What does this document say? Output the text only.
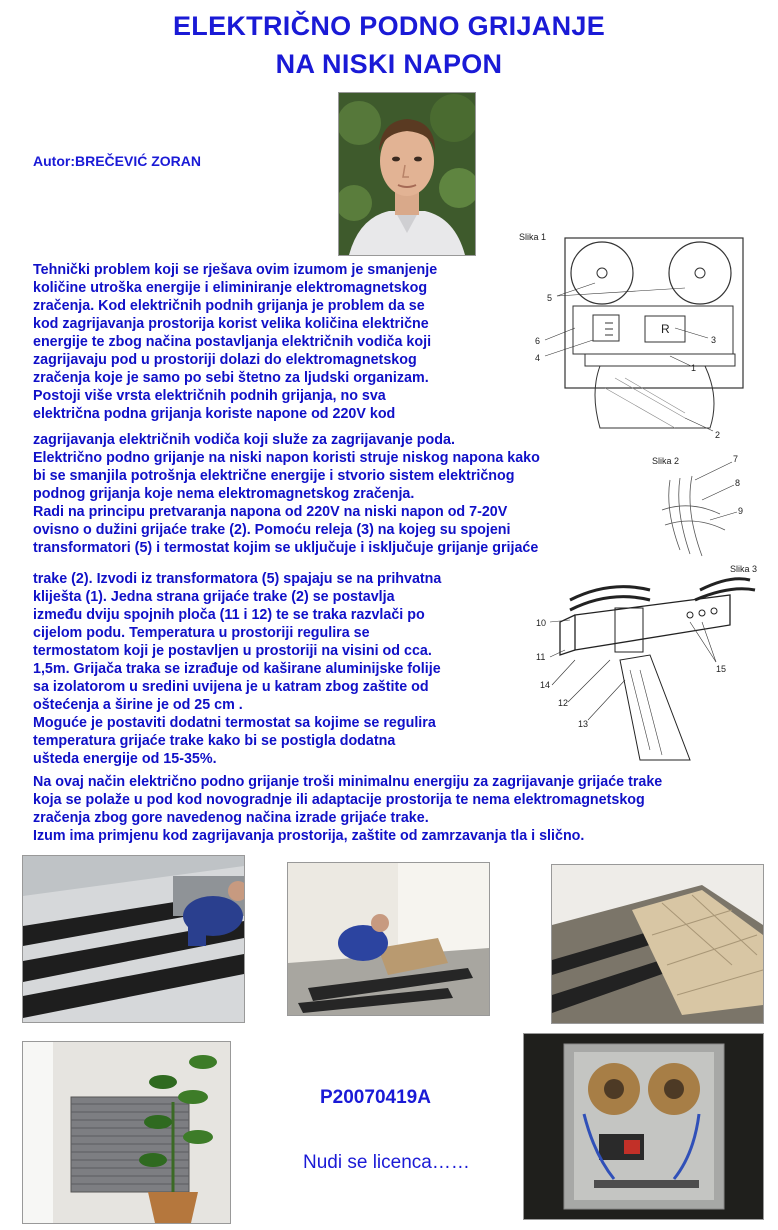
ELEKTRIČNO PODNO GRIJANJE
NA NISKI NAPON
Autor:BREČEVIĆ ZORAN
Slika 1
5
6
4
R
3
1
2
Slika 2	7
8
9
Slika 3
10
11
14
12
13
15
Tehnički problem koji se rješava ovim izumom je smanjenje
količine utroška energije i eliminiranje elektromagnetskog
zračenja. Kod električnih podnih grijanja je problem da se
kod zagrijavanja prostorija korist velika količina električne
energije te zbog načina postavljanja električnih vodiča koji
zagrijavaju pod u prostoriji dolazi do elektromagnetskog
zračenja koje je samo po sebi štetno za ljudski organizam.
Postoji više vrsta električnih podnih grijanja, no sva
električna podna grijanja koriste napone od 220V kod
zagrijavanja električnih vodiča koji služe za zagrijavanje poda.
Električno podno grijanje na niski napon koristi struje niskog napona kako
bi se smanjila potrošnja električne energije i stvorio sistem električnog
podnog grijanja koje nema elektromagnetskog zračenja.
Radi na principu pretvaranja napona od 220V na niski napon od 7-20V
ovisno o dužini grijaće trake (2). Pomoću releja (3) na kojeg su spojeni
transformatori (5) i termostat kojim se uključuje i isključuje grijanje grijaće
trake (2). Izvodi iz transformatora (5) spajaju se na prihvatna
kliješta (1). Jedna strana grijaće trake (2) se postavlja
između dviju spojnih ploča (11 i 12) te se traka razvlači po
cijelom podu. Temperatura u prostoriji regulira se
termostatom koji je postavljen u prostoriji na visini od cca.
1,5m. Grijača traka se izrađuje od kaširane aluminijske folije
sa izolatorom u sredini uvijena je u katram zbog zaštite od
oštećenja a širine je od 25 cm .
Moguće je postaviti dodatni termostat sa kojime se regulira
temperatura grijaće trake kako bi se postigla dodatna
ušteda energije od 15-35%.
Na ovaj način električno podno grijanje troši minimalnu energiju za zagrijavanje grijaće trake
koja se polaže u pod kod novogradnje ili adaptacije prostorija te nema elektromagnetskog
zračenja zbog gore navedenog načina izrade grijaće trake.
Izum ima primjenu kod zagrijavanja prostorija, zaštite od zamrzavanja tla i slično.
P20070419A
Nudi se licenca……
